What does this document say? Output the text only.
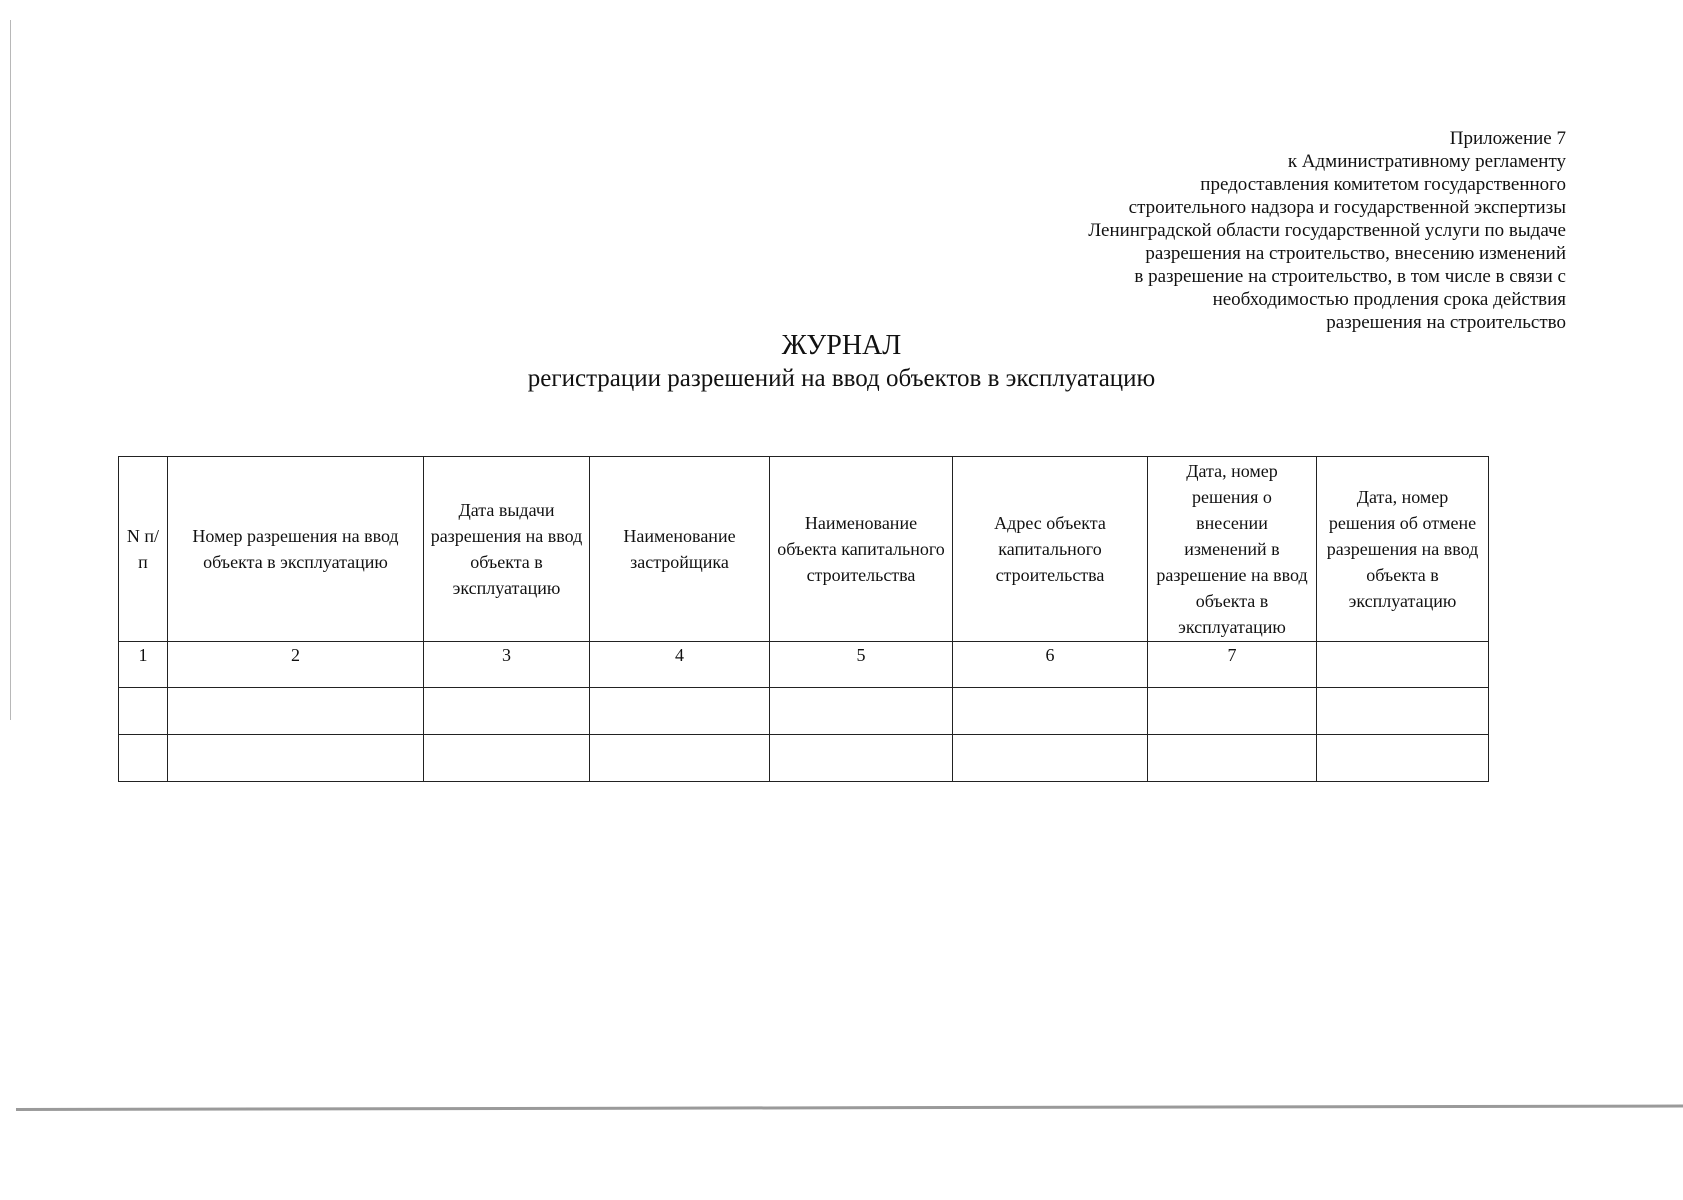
Приложение 7
к Административному регламенту
предоставления комитетом государственного
строительного надзора и государственной экспертизы
Ленинградской области государственной услуги по выдаче
разрешения на строительство, внесению изменений
в разрешение на строительство, в том числе в связи с
необходимостью продления срока действия
разрешения на строительство
ЖУРНАЛ
регистрации разрешений на ввод объектов в эксплуатацию
N п/п	Номер разрешения на ввод объекта в эксплуатацию	Дата выдачи разрешения на ввод объекта в эксплуатацию	Наименование застройщика	Наименование объекта капитального строительства	Адрес объекта капитального строительства	Дата, номер решения о внесении изменений в разрешение на ввод объекта в эксплуатацию	Дата, номер решения об отмене разрешения на ввод объекта в эксплуатацию
1	2	3	4	5	6	7	
